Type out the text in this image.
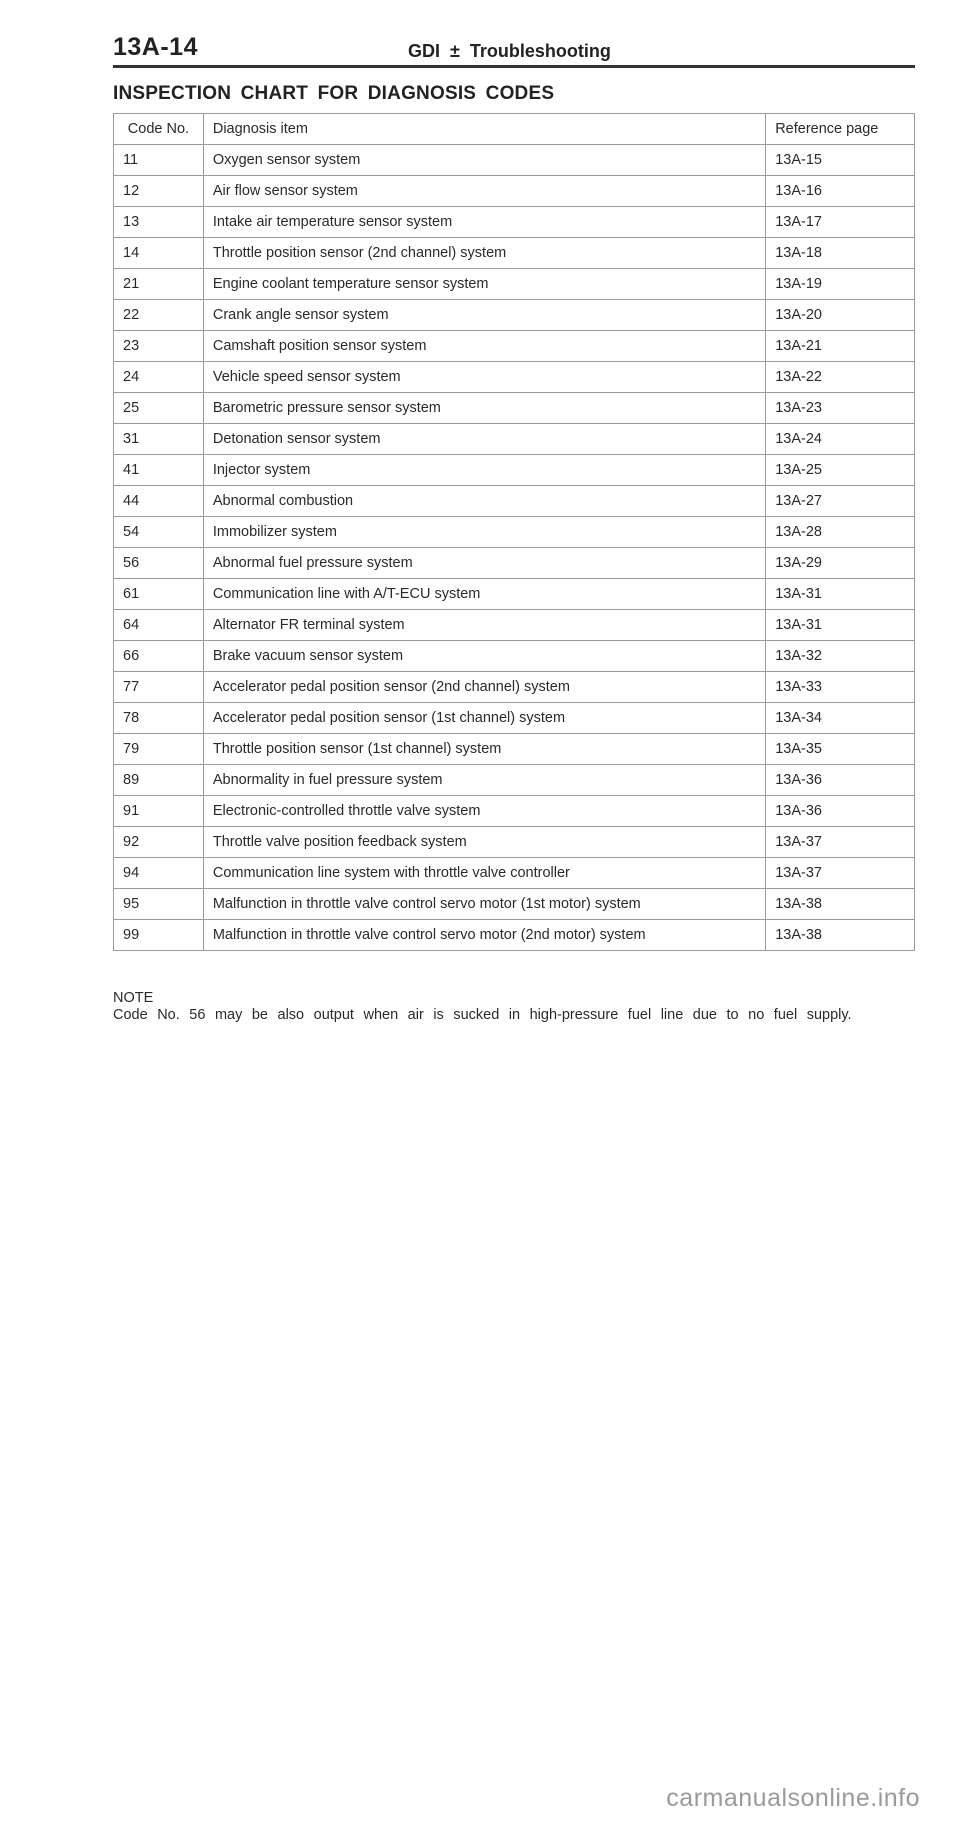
13A-14	GDI  ±  Troubleshooting
INSPECTION CHART FOR DIAGNOSIS CODES
Code No.	Diagnosis item	Reference page
11	Oxygen sensor system	13A-15
12	Air flow sensor system	13A-16
13	Intake air temperature sensor system	13A-17
14	Throttle position sensor (2nd channel) system	13A-18
21	Engine coolant temperature sensor system	13A-19
22	Crank angle sensor system	13A-20
23	Camshaft position sensor system	13A-21
24	Vehicle speed sensor system	13A-22
25	Barometric pressure sensor system	13A-23
31	Detonation sensor system	13A-24
41	Injector system	13A-25
44	Abnormal combustion	13A-27
54	Immobilizer system	13A-28
56	Abnormal fuel pressure system	13A-29
61	Communication line with A/T-ECU system	13A-31
64	Alternator FR terminal system	13A-31
66	Brake vacuum sensor system	13A-32
77	Accelerator pedal position sensor (2nd channel) system	13A-33
78	Accelerator pedal position sensor (1st channel) system	13A-34
79	Throttle position sensor (1st channel) system	13A-35
89	Abnormality in fuel pressure system	13A-36
91	Electronic-controlled throttle valve system	13A-36
92	Throttle valve position feedback system	13A-37
94	Communication line system with throttle valve controller	13A-37
95	Malfunction in throttle valve control servo motor (1st motor) system	13A-38
99	Malfunction in throttle valve control servo motor (2nd motor) system	13A-38
NOTE
Code No. 56 may be also output when air is sucked in high-pressure fuel line due to no fuel supply.
carmanualsonline.info
